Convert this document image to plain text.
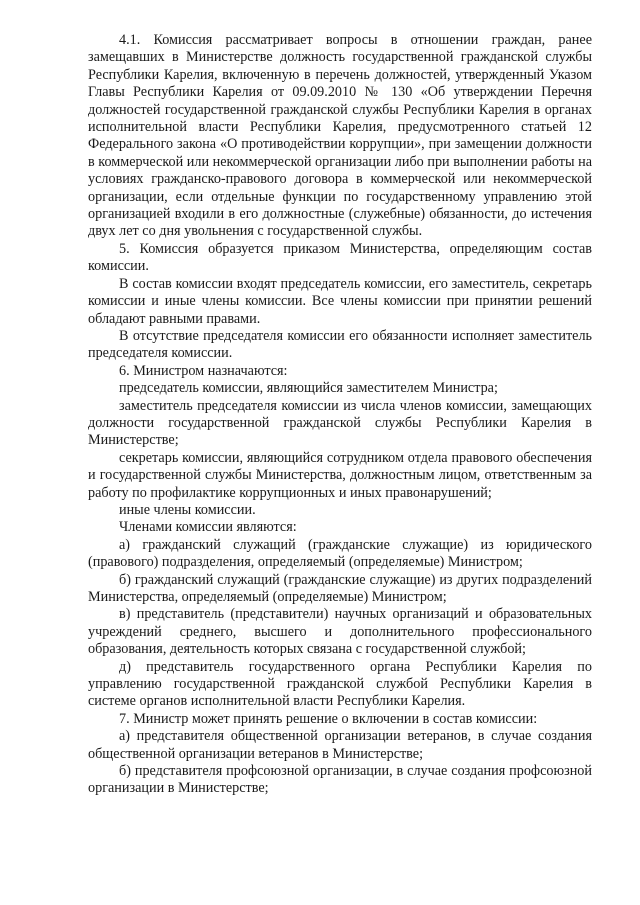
4.1. Комиссия рассматривает вопросы в отношении граждан, ранее замещавших в Министерстве должность государственной гражданской службы Республики Карелия, включенную в перечень должностей, утвержденный Указом Главы Республики Карелия от 09.09.2010 № 130 «Об утверждении Перечня должностей государственной гражданской службы Республики Карелия в органах исполнительной власти Республики Карелия, предусмотренного статьей 12 Федерального закона «О противодействии коррупции», при замещении должности в коммерческой или некоммерческой организации либо при выполнении работы на условиях гражданско-правового договора в коммерческой или некоммерческой организации, если отдельные функции по государственному управлению этой организацией входили в его должностные (служебные) обязанности, до истечения двух лет со дня увольнения с государственной службы.

5. Комиссия образуется приказом Министерства, определяющим состав комиссии.

В состав комиссии входят председатель комиссии, его заместитель, секретарь комиссии и иные члены комиссии. Все члены комиссии при принятии решений обладают равными правами.

В отсутствие председателя комиссии его обязанности исполняет заместитель председателя комиссии.

6. Министром назначаются:

председатель комиссии, являющийся заместителем Министра;

заместитель председателя комиссии из числа членов комиссии, замещающих должности государственной гражданской службы Республики Карелия в Министерстве;

секретарь комиссии, являющийся сотрудником отдела правового обеспечения и государственной службы Министерства, должностным лицом, ответственным за работу по профилактике коррупционных и иных правонарушений;

иные члены комиссии.

Членами комиссии являются:

а) гражданский служащий (гражданские служащие) из юридического (правового) подразделения, определяемый (определяемые) Министром;

б) гражданский служащий (гражданские служащие) из других подразделений Министерства, определяемый (определяемые) Министром;

в) представитель (представители) научных организаций и образовательных учреждений среднего, высшего и дополнительного профессионального образования, деятельность которых связана с государственной службой;

д) представитель государственного органа Республики Карелия по управлению государственной гражданской службой Республики Карелия в системе органов исполнительной власти Республики Карелия.

7. Министр может принять решение о включении в состав комиссии:

а) представителя общественной организации ветеранов, в случае создания общественной организации ветеранов в Министерстве;

б) представителя профсоюзной организации, в случае создания профсоюзной организации в Министерстве;
